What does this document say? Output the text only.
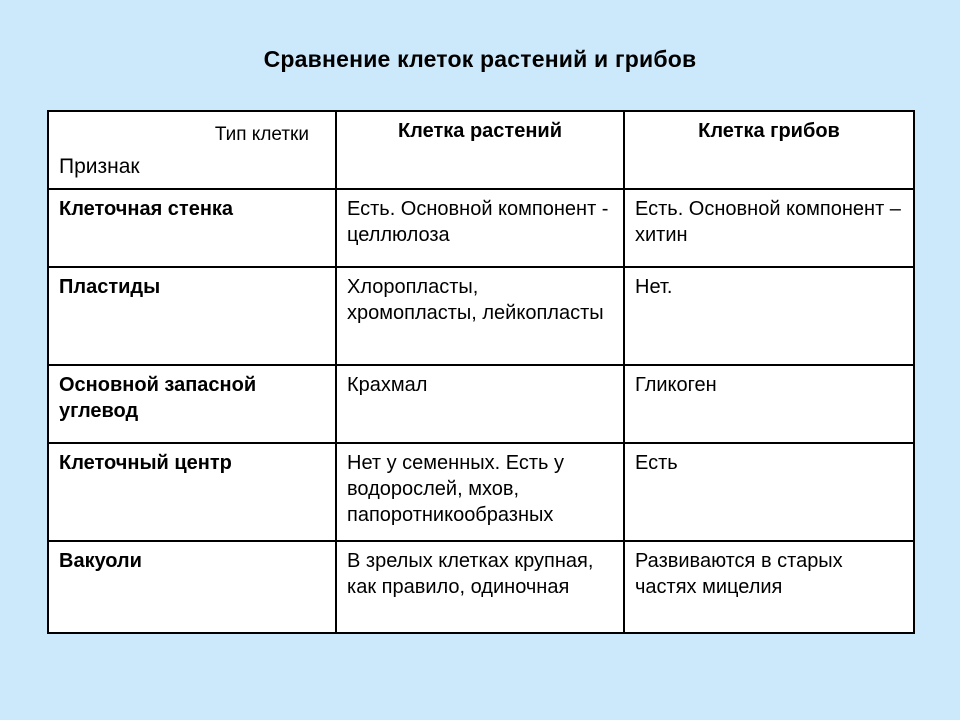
Сравнение клеток растений и грибов
Тип клетки
Признак	Клетка растений	Клетка грибов
Клеточная стенка	Есть. Основной компонент - целлюлоза	Есть. Основной компонент – хитин
Пластиды	Хлоропласты, хромопласты, лейкопласты	Нет.
Основной запасной углевод	Крахмал	Гликоген
Клеточный центр	Нет у семенных. Есть у водорослей, мхов, папоротникообразных	Есть
Вакуоли	В зрелых клетках крупная, как правило, одиночная	Развиваются в старых частях мицелия
